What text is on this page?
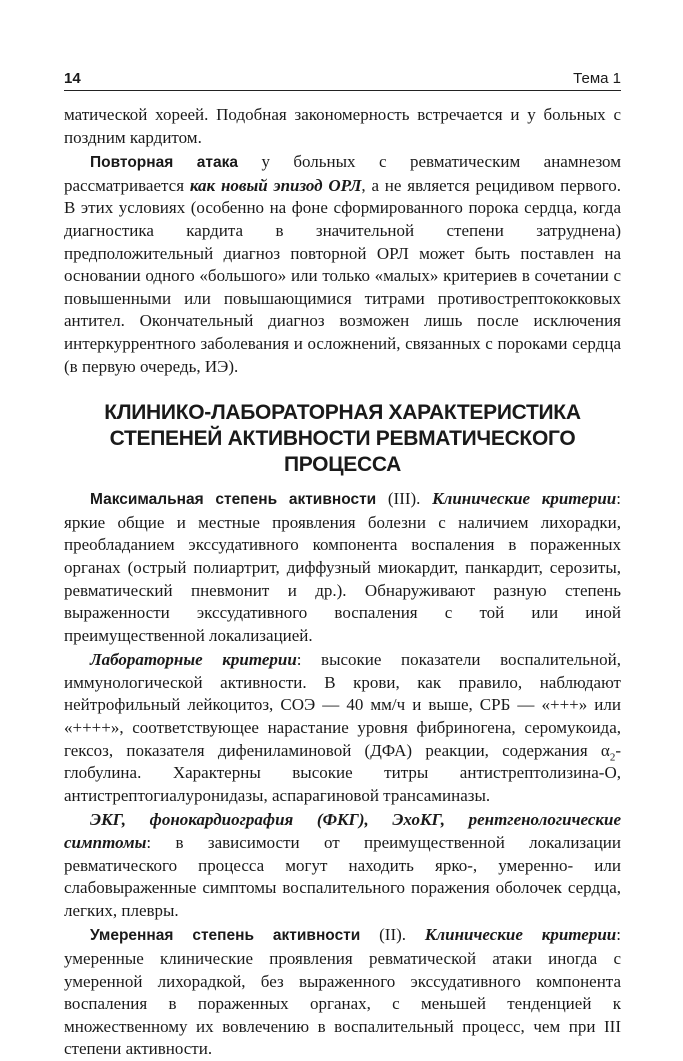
14	Тема 1

матической хореей. Подобная закономерность встречается и у больных с поздним кардитом.

Повторная атака у больных с ревматическим анамнезом рассматривается как новый эпизод ОРЛ, а не является рецидивом первого. В этих условиях (особенно на фоне сформированного порока сердца, когда диагностика кардита в значительной степени затруднена) предположительный диагноз повторной ОРЛ может быть поставлен на основании одного «большого» или только «малых» критериев в сочетании с повышенными или повышающимися титрами противострептококковых антител. Окончательный диагноз возможен лишь после исключения интеркуррентного заболевания и осложнений, связанных с пороками сердца (в первую очередь, ИЭ).

КЛИНИКО-ЛАБОРАТОРНАЯ ХАРАКТЕРИСТИКА СТЕПЕНЕЙ АКТИВНОСТИ РЕВМАТИЧЕСКОГО ПРОЦЕССА

Максимальная степень активности (III). Клинические критерии: яркие общие и местные проявления болезни с наличием лихорадки, преобладанием экссудативного компонента воспаления в пораженных органах (острый полиартрит, диффузный миокардит, панкардит, серозиты, ревматический пневмонит и др.). Обнаруживают разную степень выраженности экссудативного воспаления с той или иной преимущественной локализацией.

Лабораторные критерии: высокие показатели воспалительной, иммунологической активности. В крови, как правило, наблюдают нейтрофильный лейкоцитоз, СОЭ — 40 мм/ч и выше, СРБ — «+++» или «++++», соответствующее нарастание уровня фибриногена, серомукоида, гексоз, показателя дифениламиновой (ДФА) реакции, содержания $\alpha_2$-глобулина. Характерны высокие титры антистрептолизина-О, антистрептогиалуронидазы, аспарагиновой трансаминазы.

ЭКГ, фонокардиография (ФКГ), ЭхоКГ, рентгенологические симптомы: в зависимости от преимущественной локализации ревматического процесса могут находить ярко-, умеренно- или слабовыраженные симптомы воспалительного поражения оболочек сердца, легких, плевры.

Умеренная степень активности (II). Клинические критерии: умеренные клинические проявления ревматической атаки иногда с умеренной лихорадкой, без выраженного экссудативного компонента воспаления в пораженных органах, с меньшей тенденцией к множественному их вовлечению в воспалительный процесс, чем при III степени активности.
